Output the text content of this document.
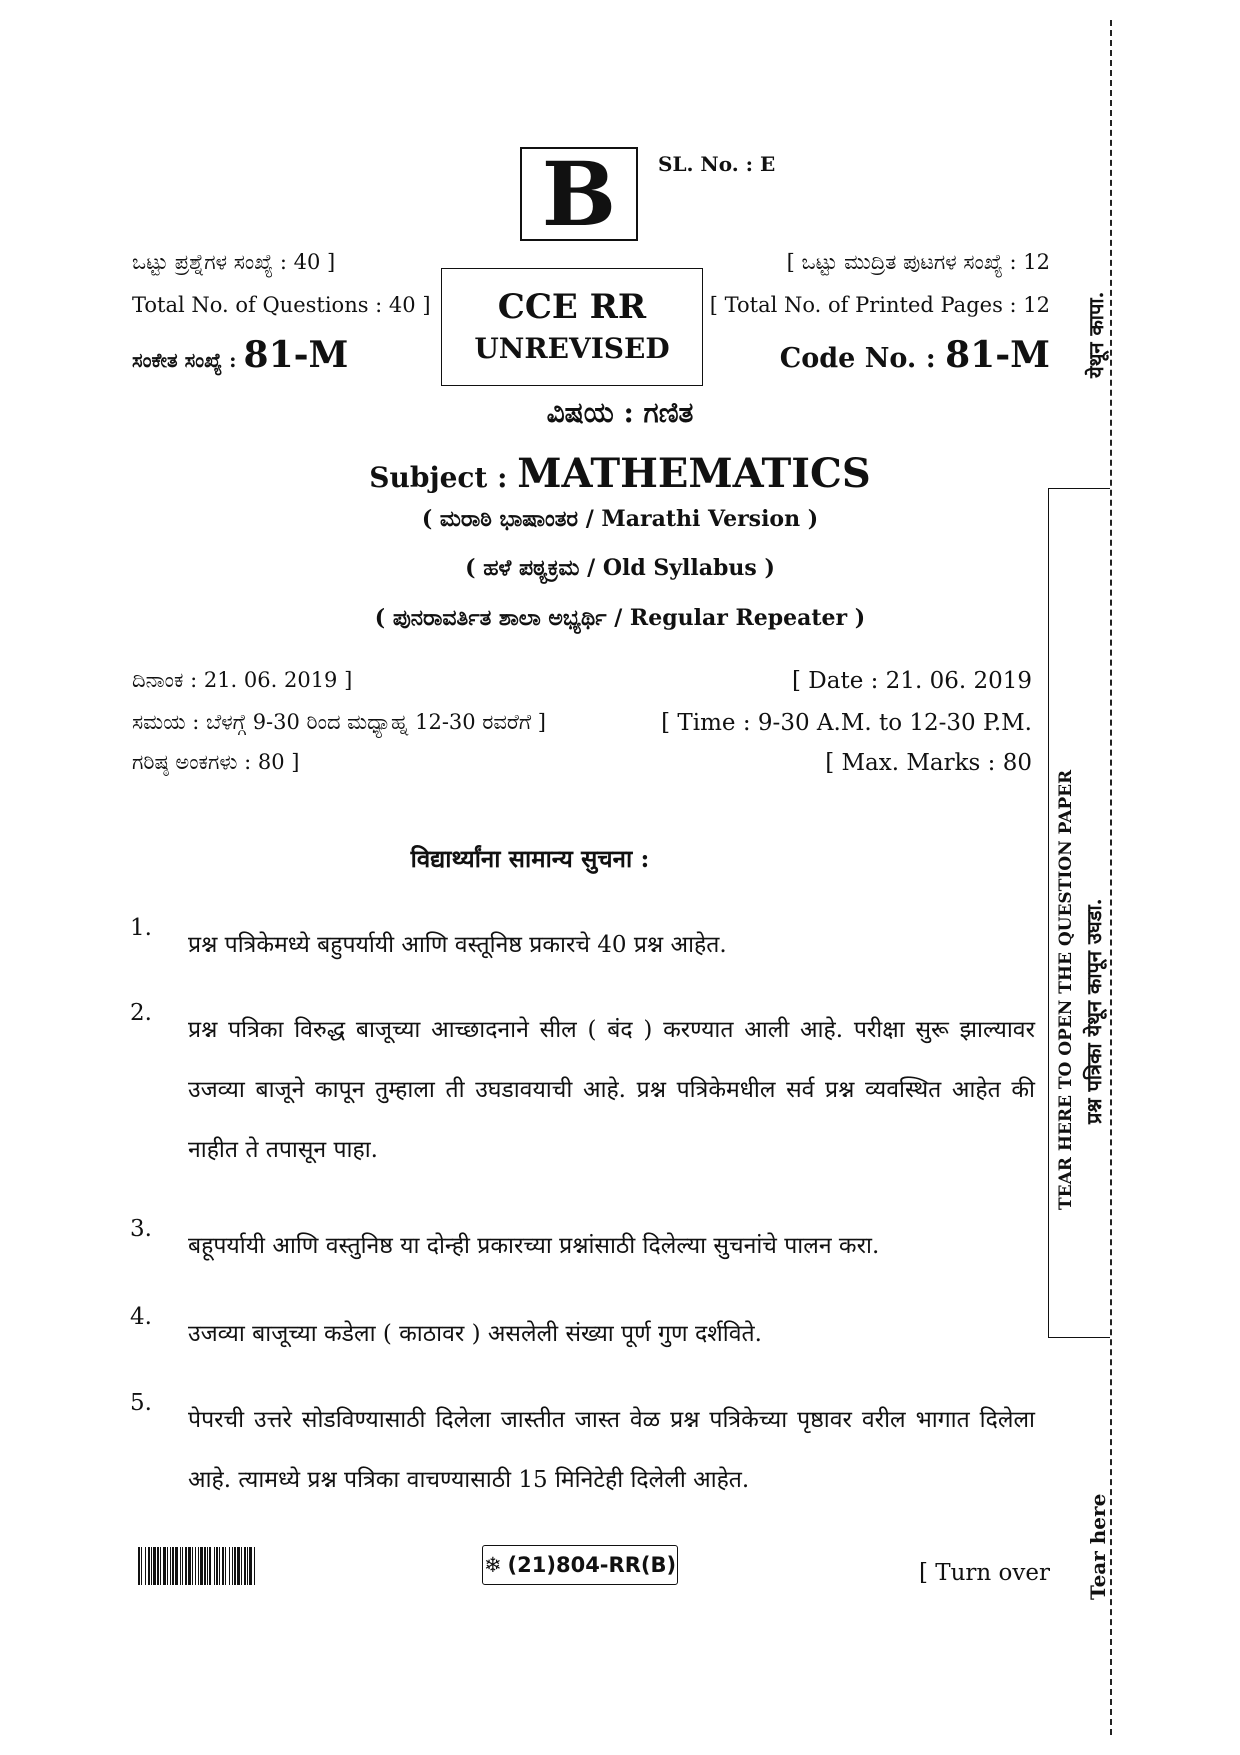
B SL. No. : E
ಒಟ್ಟು ಪ್ರಶ್ನೆಗಳ ಸಂಖ್ಯೆ : 40 ]
Total No. of Questions : 40 ]
ಸಂಕೇತ ಸಂಖ್ಯೆ : 81-M
[ ಒಟ್ಟು ಮುದ್ರಿತ ಪುಟಗಳ ಸಂಖ್ಯೆ : 12
[ Total No. of Printed Pages : 12
Code No. : 81-M
CCE RR
UNREVISED
ವಿಷಯ : ಗಣಿತ
Subject : MATHEMATICS
( ಮರಾಠಿ ಭಾಷಾಂತರ / Marathi Version )
( ಹಳೆ ಪಠ್ಯಕ್ರಮ / Old Syllabus )
( ಪುನರಾವರ್ತಿತ ಶಾಲಾ ಅಭ್ಯರ್ಥಿ / Regular Repeater )
ದಿನಾಂಕ : 21. 06. 2019 ]
ಸಮಯ : ಬೆಳಗ್ಗೆ 9-30 ರಿಂದ ಮಧ್ಯಾಹ್ನ 12-30 ರವರೆಗೆ ]
ಗರಿಷ್ಠ ಅಂಕಗಳು : 80 ]
[ Date : 21. 06. 2019
[ Time : 9-30 A.M. to 12-30 P.M.
[ Max. Marks : 80
विद्यार्थ्यांना सामान्य सुचना :
1.
प्रश्न पत्रिकेमध्ये बहुपर्यायी आणि वस्तूनिष्ठ प्रकारचे 40 प्रश्न आहेत.
2.
प्रश्न पत्रिका विरुद्ध बाजूच्या आच्छादनाने सील ( बंद ) करण्यात आली आहे. परीक्षा सुरू झाल्यावर उजव्या बाजूने कापून तुम्हाला ती उघडावयाची आहे. प्रश्न पत्रिकेमधील सर्व प्रश्न व्यवस्थित आहेत की नाहीत ते तपासून पाहा.
3.
बहूपर्यायी आणि वस्तुनिष्ठ या दोन्ही प्रकारच्या प्रश्नांसाठी दिलेल्या सुचनांचे पालन करा.
4.
उजव्या बाजूच्या कडेला ( काठावर ) असलेली संख्या पूर्ण गुण दर्शविते.
5.
पेपरची उत्तरे सोडविण्यासाठी दिलेला जास्तीत जास्त वेळ प्रश्न पत्रिकेच्या पृष्ठावर वरील भागात दिलेला आहे. त्यामध्ये प्रश्न पत्रिका वाचण्यासाठी 15 मिनिटेही दिलेली आहेत.
❄ (21)804-RR(B)	[ Turn over
येथून कापा.
TEAR HERE TO OPEN THE QUESTION PAPER प्रश्न पत्रिका येथून कापून उघडा.
Tear here
